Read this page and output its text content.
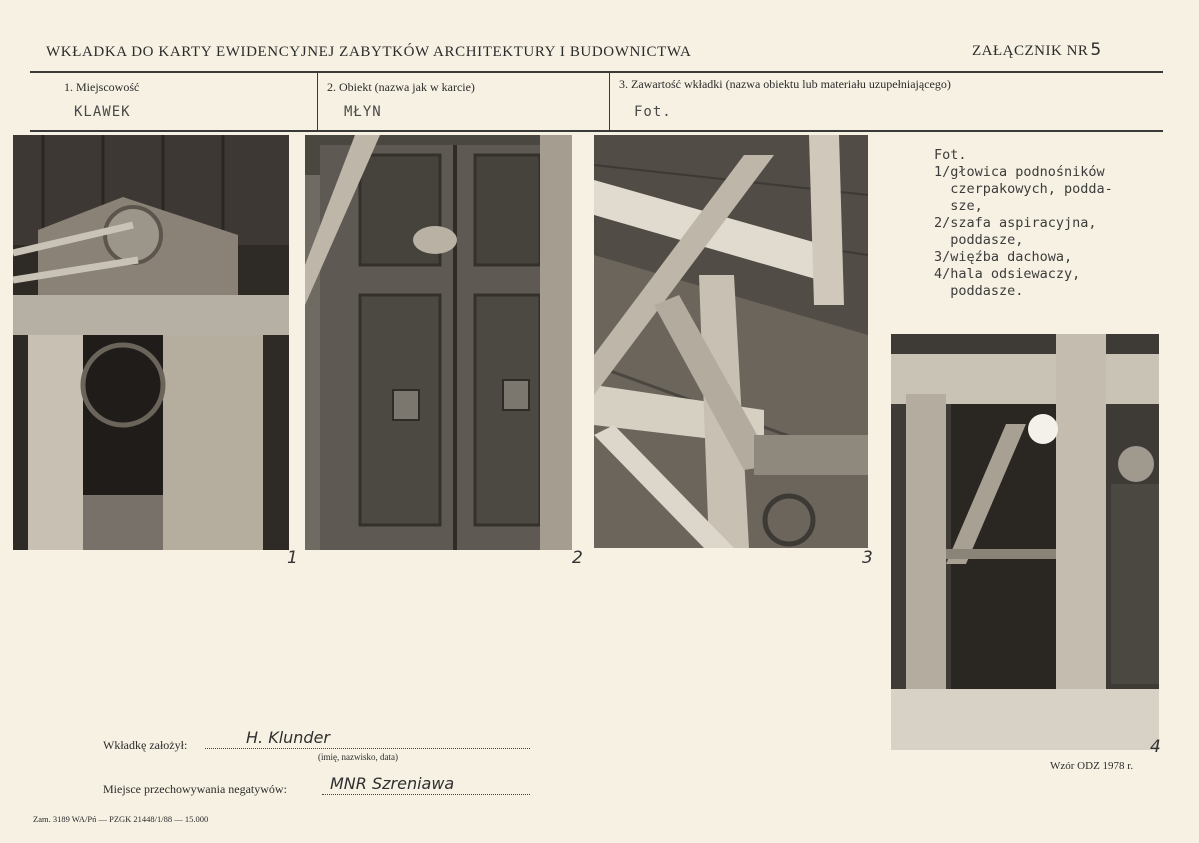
WKŁADKA DO KARTY EWIDENCYJNEJ ZABYTKÓW ARCHITEKTURY I BUDOWNICTWA	ZAŁĄCZNIK NR 5
1. Miejscowość
KLAWEK
2. Obiekt (nazwa jak w karcie)
MŁYN
3. Zawartość wkładki (nazwa obiektu lub materiału uzupełniającego)
Fot.
1	2	3
4
Fot.
1/głowica podnośników
czerpakowych, podda-
sze,
2/szafa aspiracyjna,
poddasze,
3/więźba dachowa,
4/hala odsiewaczy,
poddasze.
Wkładkę założył:	H. Klunder
(imię, nazwisko, data)
Miejsce przechowywania negatywów:	MNR Szreniawa
Zam. 3189 WA/Pń — PZGK 21448/1/88 — 15.000
Wzór ODZ 1978 r.
